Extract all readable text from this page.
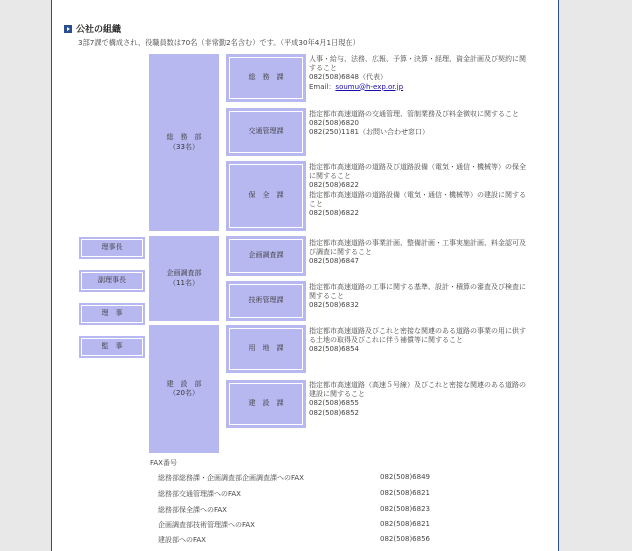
公社の組織
3部7課で構成され、役職員数は70名（非常勤2名含む）です。（平成30年4月1日現在）
理事長
副理事長
理　事
監　事
総　務　部
（33名）
企画調査部
（11名）
建　設　部
（20名）
総　務　課
交通管理課
保　全　課
企画調査課
技術管理課
用　地　課
建　設　課
人事・給与、法務、広報、予算・決算・経理、資金計画及び契約に関すること
082(508)6848（代表）
Email：soumu@h-exp.or.jp
指定都市高速道路の交通管理、管制業務及び料金徴収に関すること
082(508)6820
082(250)1181（お問い合わせ窓口）
指定都市高速道路の道路及び道路設備（電気・通信・機械等）の保全に関すること
082(508)6822
指定都市高速道路の道路設備（電気・通信・機械等）の建設に関すること
082(508)6822
指定都市高速道路の事業計画、整備計画・工事実施計画、料金認可及び調査に関すること
082(508)6847
指定都市高速道路の工事に関する基準、設計・積算の審査及び検査に関すること
082(508)6832
指定都市高速道路及びこれと密接な関連のある道路の事業の用に供する土地の取得及びこれに伴う補償等に関すること
082(508)6854
指定都市高速道路（高速５号線）及びこれと密接な関連のある道路の建設に関すること
082(508)6855
082(508)6852
FAX番号
総務部総務課・企画調査部企画調査課へのFAX	082(508)6849
総務部交通管理課へのFAX	082(508)6821
総務部保全課へのFAX	082(508)6823
企画調査部技術管理課へのFAX	082(508)6821
建設部へのFAX	082(508)6856
